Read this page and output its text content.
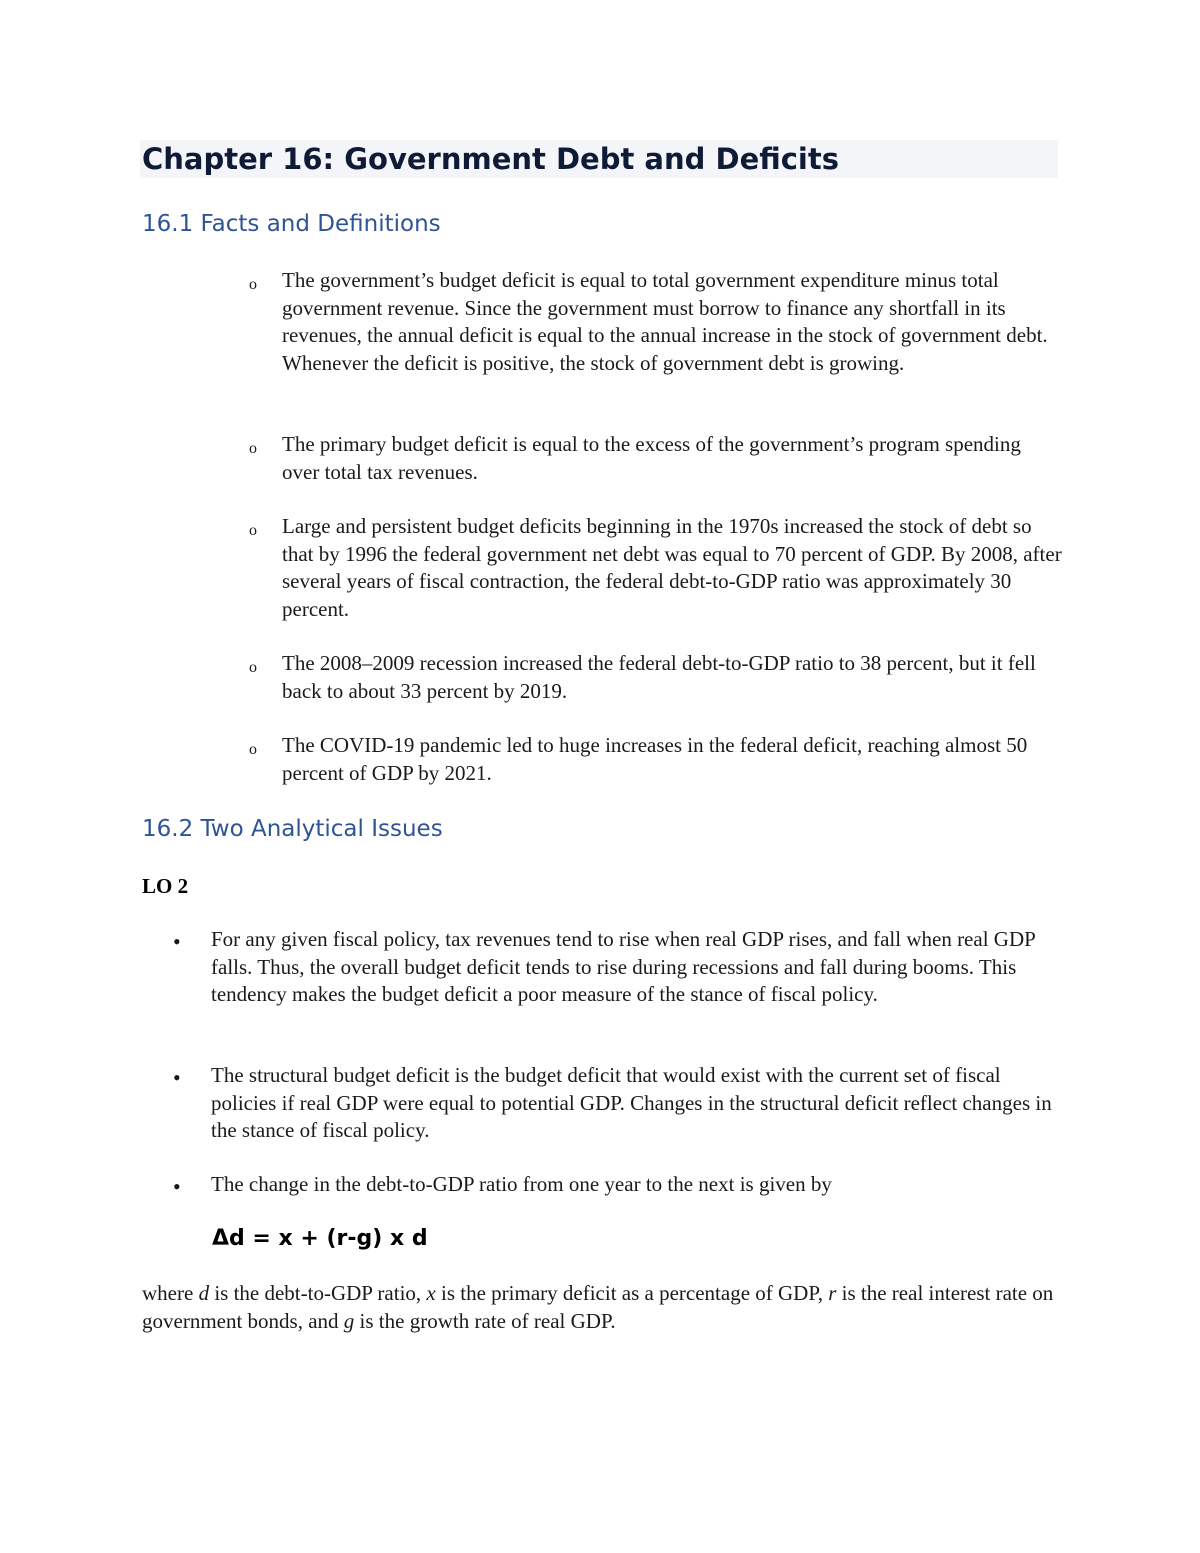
Chapter 16: Government Debt and Deficits
16.1 Facts and Definitions
o The government’s budget deficit is equal to total government expenditure minus total government revenue. Since the government must borrow to finance any shortfall in its revenues, the annual deficit is equal to the annual increase in the stock of government debt. Whenever the deficit is positive, the stock of government debt is growing.

o The primary budget deficit is equal to the excess of the government’s program spending over total tax revenues.

o Large and persistent budget deficits beginning in the 1970s increased the stock of debt so that by 1996 the federal government net debt was equal to 70 percent of GDP. By 2008, after several years of fiscal contraction, the federal debt-to-GDP ratio was approximately 30 percent.

o The 2008–2009 recession increased the federal debt-to-GDP ratio to 38 percent, but it fell back to about 33 percent by 2019.

o The COVID-19 pandemic led to huge increases in the federal deficit, reaching almost 50 percent of GDP by 2021.

16.2 Two Analytical Issues

LO 2

• For any given fiscal policy, tax revenues tend to rise when real GDP rises, and fall when real GDP falls. Thus, the overall budget deficit tends to rise during recessions and fall during booms. This tendency makes the budget deficit a poor measure of the stance of fiscal policy.

• The structural budget deficit is the budget deficit that would exist with the current set of fiscal policies if real GDP were equal to potential GDP. Changes in the structural deficit reflect changes in the stance of fiscal policy.

• The change in the debt-to-GDP ratio from one year to the next is given by

Δd = x + (r-g) x d

where d is the debt-to-GDP ratio, x is the primary deficit as a percentage of GDP, r is the real interest rate on government bonds, and g is the growth rate of real GDP.
